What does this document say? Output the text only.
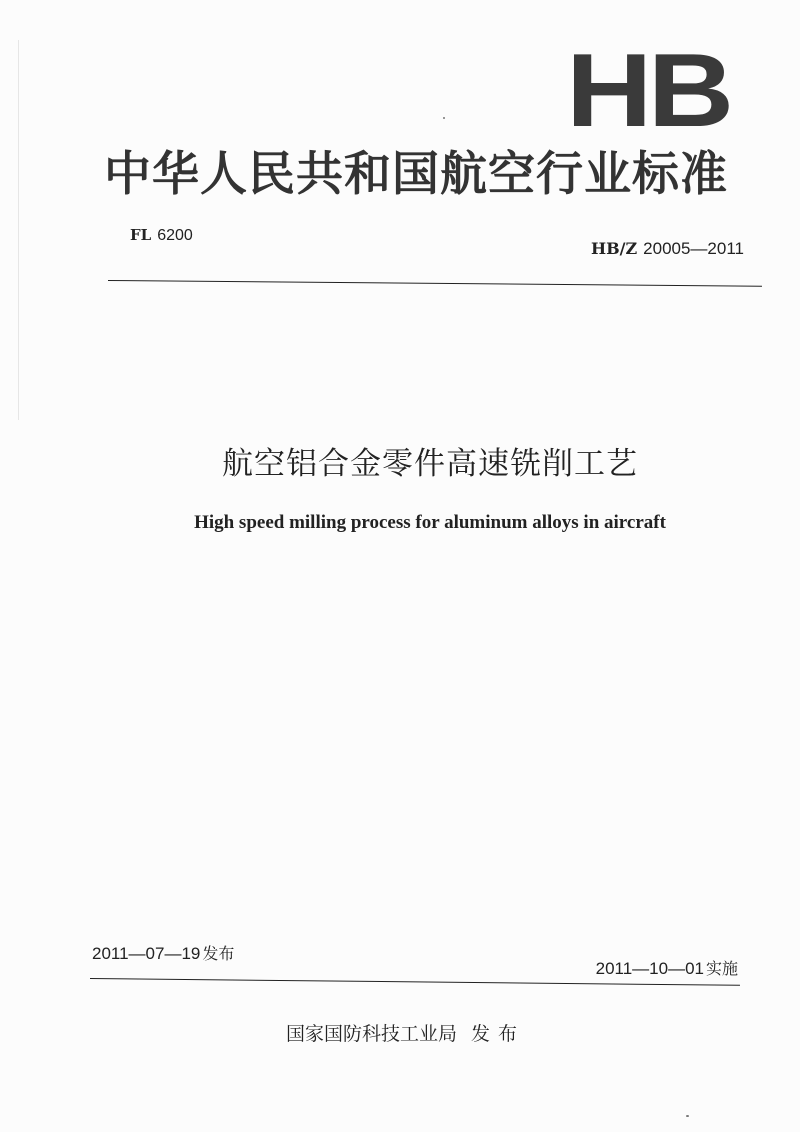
HB
中华人民共和国航空行业标准
FL 6200
HB/Z 20005—2011
航空铝合金零件高速铣削工艺
High speed milling process for aluminum alloys in aircraft
2011—07—19 发布
2011—10—01 实施
国家国防科技工业局 发布
